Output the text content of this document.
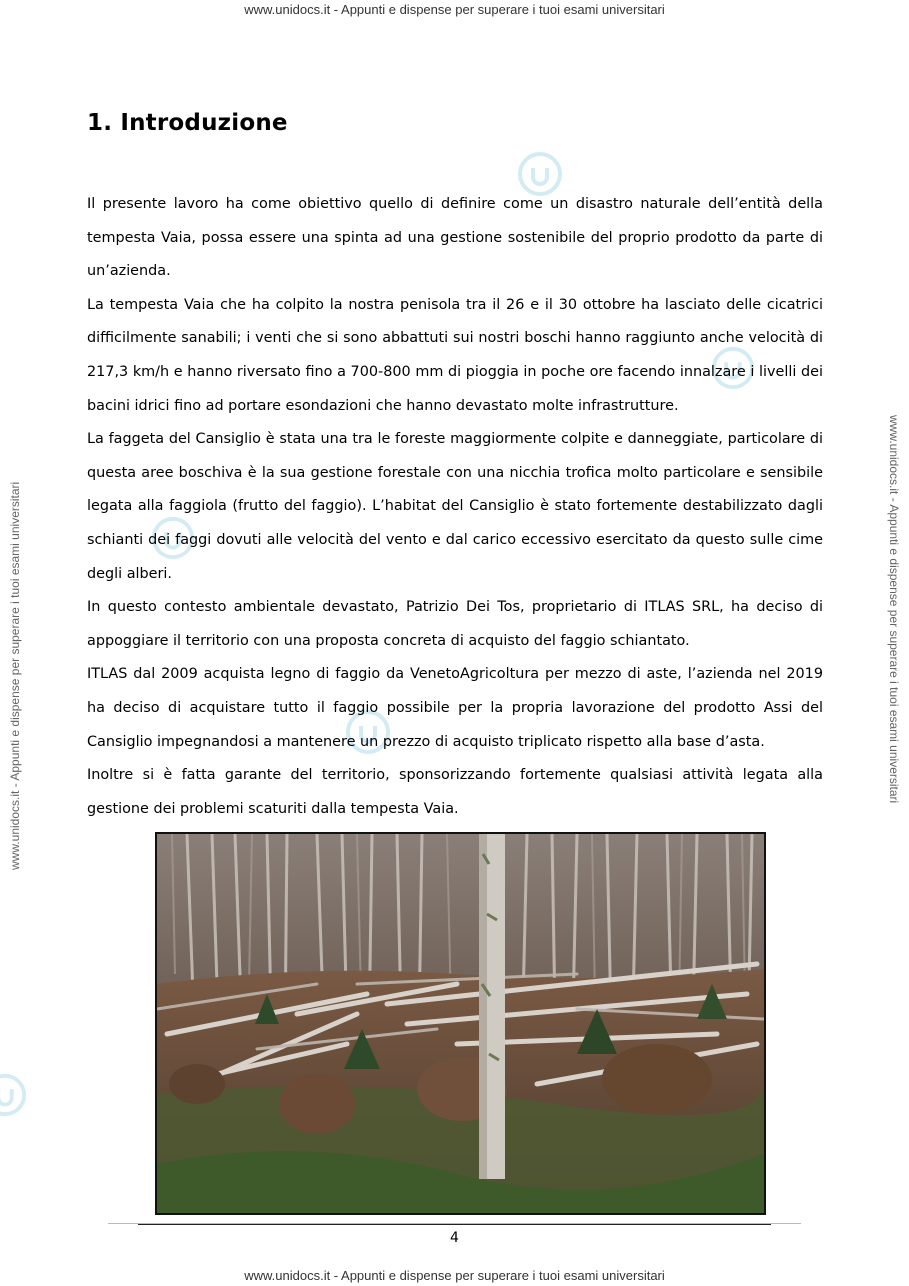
www.unidocs.it - Appunti e dispense per superare i tuoi esami universitari
www.unidocs.it - Appunti e dispense per superare i tuoi esami universitari
www.unidocs.it - Appunti e dispense per superare i tuoi esami universitari	www.unidocs.it - Appunti e dispense per superare i tuoi esami universitari
1. Introduzione

Il presente lavoro ha come obiettivo quello di definire come un disastro naturale dell’entità della tempesta Vaia, possa essere una spinta ad una gestione sostenibile del proprio prodotto da parte di un’azienda.

La tempesta Vaia che ha colpito la nostra penisola tra il 26 e il 30 ottobre ha lasciato delle cicatrici difficilmente sanabili; i venti che si sono abbattuti sui nostri boschi hanno raggiunto anche velocità di 217,3 km/h e hanno riversato fino a 700-800 mm di pioggia in poche ore facendo innalzare i livelli dei bacini idrici fino ad portare esondazioni che hanno devastato molte infrastrutture.

La faggeta del Cansiglio è stata una tra le foreste maggiormente colpite e danneggiate, particolare di questa aree boschiva è la sua gestione forestale con una nicchia trofica molto particolare e sensibile legata alla faggiola (frutto del faggio). L’habitat del Cansiglio è stato fortemente destabilizzato dagli schianti dei faggi dovuti alle velocità del vento e dal carico eccessivo esercitato da questo sulle cime degli alberi.

In questo contesto ambientale devastato, Patrizio Dei Tos, proprietario di ITLAS SRL, ha deciso di appoggiare il territorio con una proposta concreta di acquisto del faggio schiantato.

ITLAS dal 2009 acquista legno di faggio da VenetoAgricoltura per mezzo di aste, l’azienda nel 2019 ha deciso di acquistare tutto il faggio possibile per la propria lavorazione del prodotto Assi del Cansiglio impegnandosi a mantenere un prezzo di acquisto triplicato rispetto alla base d’asta.

Inoltre si è fatta garante del territorio, sponsorizzando fortemente qualsiasi attività legata alla gestione dei problemi scaturiti dalla tempesta Vaia.

4
